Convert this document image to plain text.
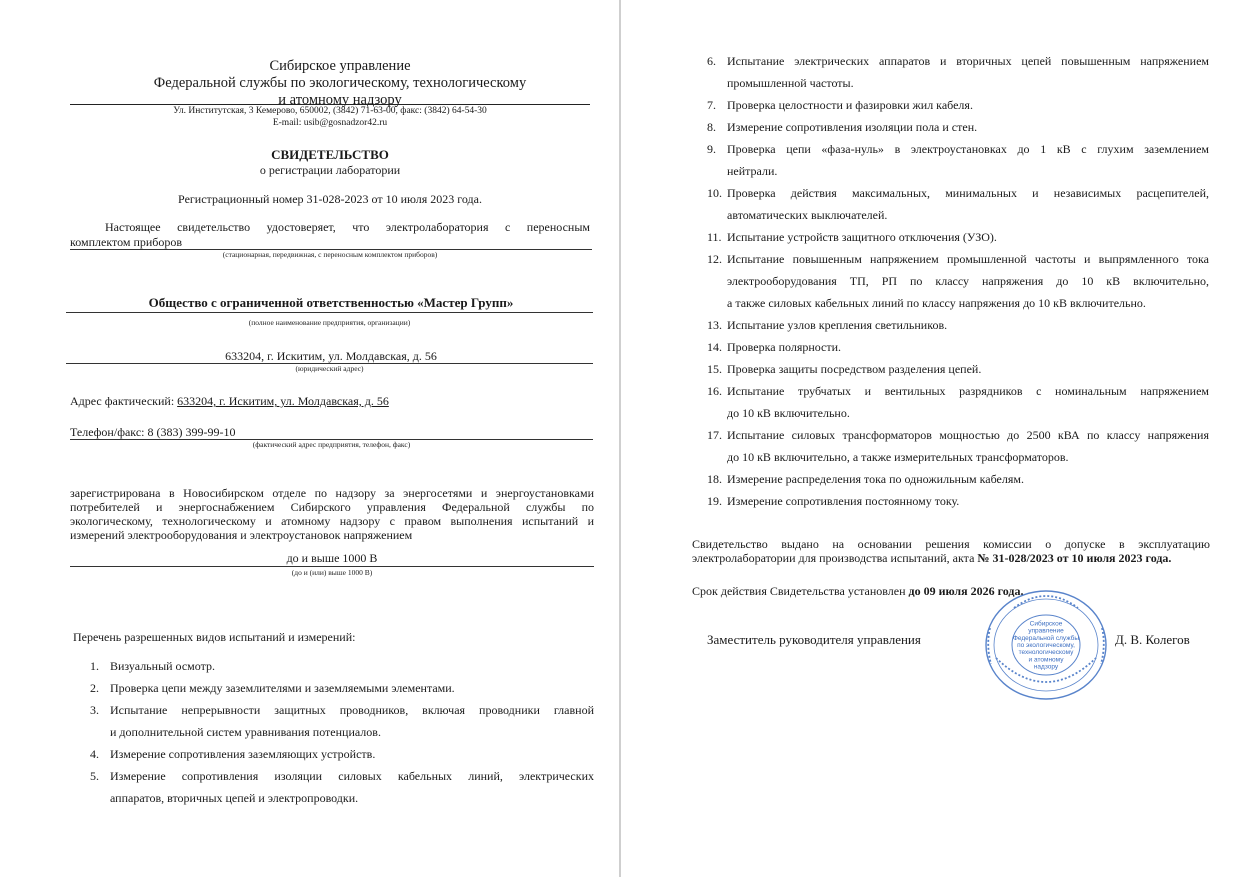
Сибирское управление
Федеральной службы по экологическому, технологическому
и атомному надзору
Ул. Институтская, 3 Кемерово, 650002, (3842) 71-63-00, факс: (3842) 64-54-30
E-mail: usib@gosnadzor42.ru
СВИДЕТЕЛЬСТВО
о регистрации лаборатории
Регистрационный номер 31-028-2023 от 10 июля 2023 года.
Настоящее свидетельство удостоверяет, что электролаборатория с переносным
комплектом приборов
(стационарная, передвижная, с переносным комплектом приборов)
Общество с ограниченной ответственностью «Мастер Групп»
(полное наименование предприятия, организации)
633204, г. Искитим, ул. Молдавская, д. 56
(юридический адрес)
Адрес фактический: 633204, г. Искитим, ул. Молдавская, д. 56
Телефон/факс: 8 (383) 399-99-10
(фактический адрес предприятия, телефон, факс)
зарегистрирована в Новосибирском отделе по надзору за энергосетями и энергоустановками
потребителей и энергоснабжением Сибирского управления Федеральной службы по
экологическому, технологическому и атомному надзору с правом выполнения испытаний и
измерений электрооборудования и электроустановок напряжением
до и выше 1000 В
(до и (или) выше 1000 В)
Перечень разрешенных видов испытаний и измерений:
1. Визуальный осмотр.
2. Проверка цепи между заземлителями и заземляемыми элементами.
3. Испытание непрерывности защитных проводников, включая проводники главной
и дополнительной систем уравнивания потенциалов.
4. Измерение сопротивления заземляющих устройств.
5. Измерение сопротивления изоляции силовых кабельных линий, электрических
аппаратов, вторичных цепей и электропроводки.
6. Испытание электрических аппаратов и вторичных цепей повышенным напряжением
промышленной частоты.
7. Проверка целостности и фазировки жил кабеля.
8. Измерение сопротивления изоляции пола и стен.
9. Проверка цепи «фаза-нуль» в электроустановках до 1 кВ с глухим заземлением
нейтрали.
10. Проверка действия максимальных, минимальных и независимых расцепителей,
автоматических выключателей.
11. Испытание устройств защитного отключения (УЗО).
12. Испытание повышенным напряжением промышленной частоты и выпрямленного тока
электрооборудования ТП, РП по классу напряжения до 10 кВ включительно,
а также силовых кабельных линий по классу напряжения до 10 кВ включительно.
13. Испытание узлов крепления светильников.
14. Проверка полярности.
15. Проверка защиты посредством разделения цепей.
16. Испытание трубчатых и вентильных разрядников с номинальным напряжением
до 10 кВ включительно.
17. Испытание силовых трансформаторов мощностью до 2500 кВА по классу напряжения
до 10 кВ включительно, а также измерительных трансформаторов.
18. Измерение распределения тока по одножильным кабелям.
19. Измерение сопротивления постоянному току.
Свидетельство выдано на основании решения комиссии о допуске в эксплуатацию
электролаборатории для производства испытаний, акта № 31-028/2023 от 10 июля 2023 года.
Срок действия Свидетельства установлен до 09 июля 2026 года.
Заместитель руководителя управления	Д. В. Колегов
Сибирское
управление
Федеральной службы
по экологическому,
технологическому
и атомному
надзору
